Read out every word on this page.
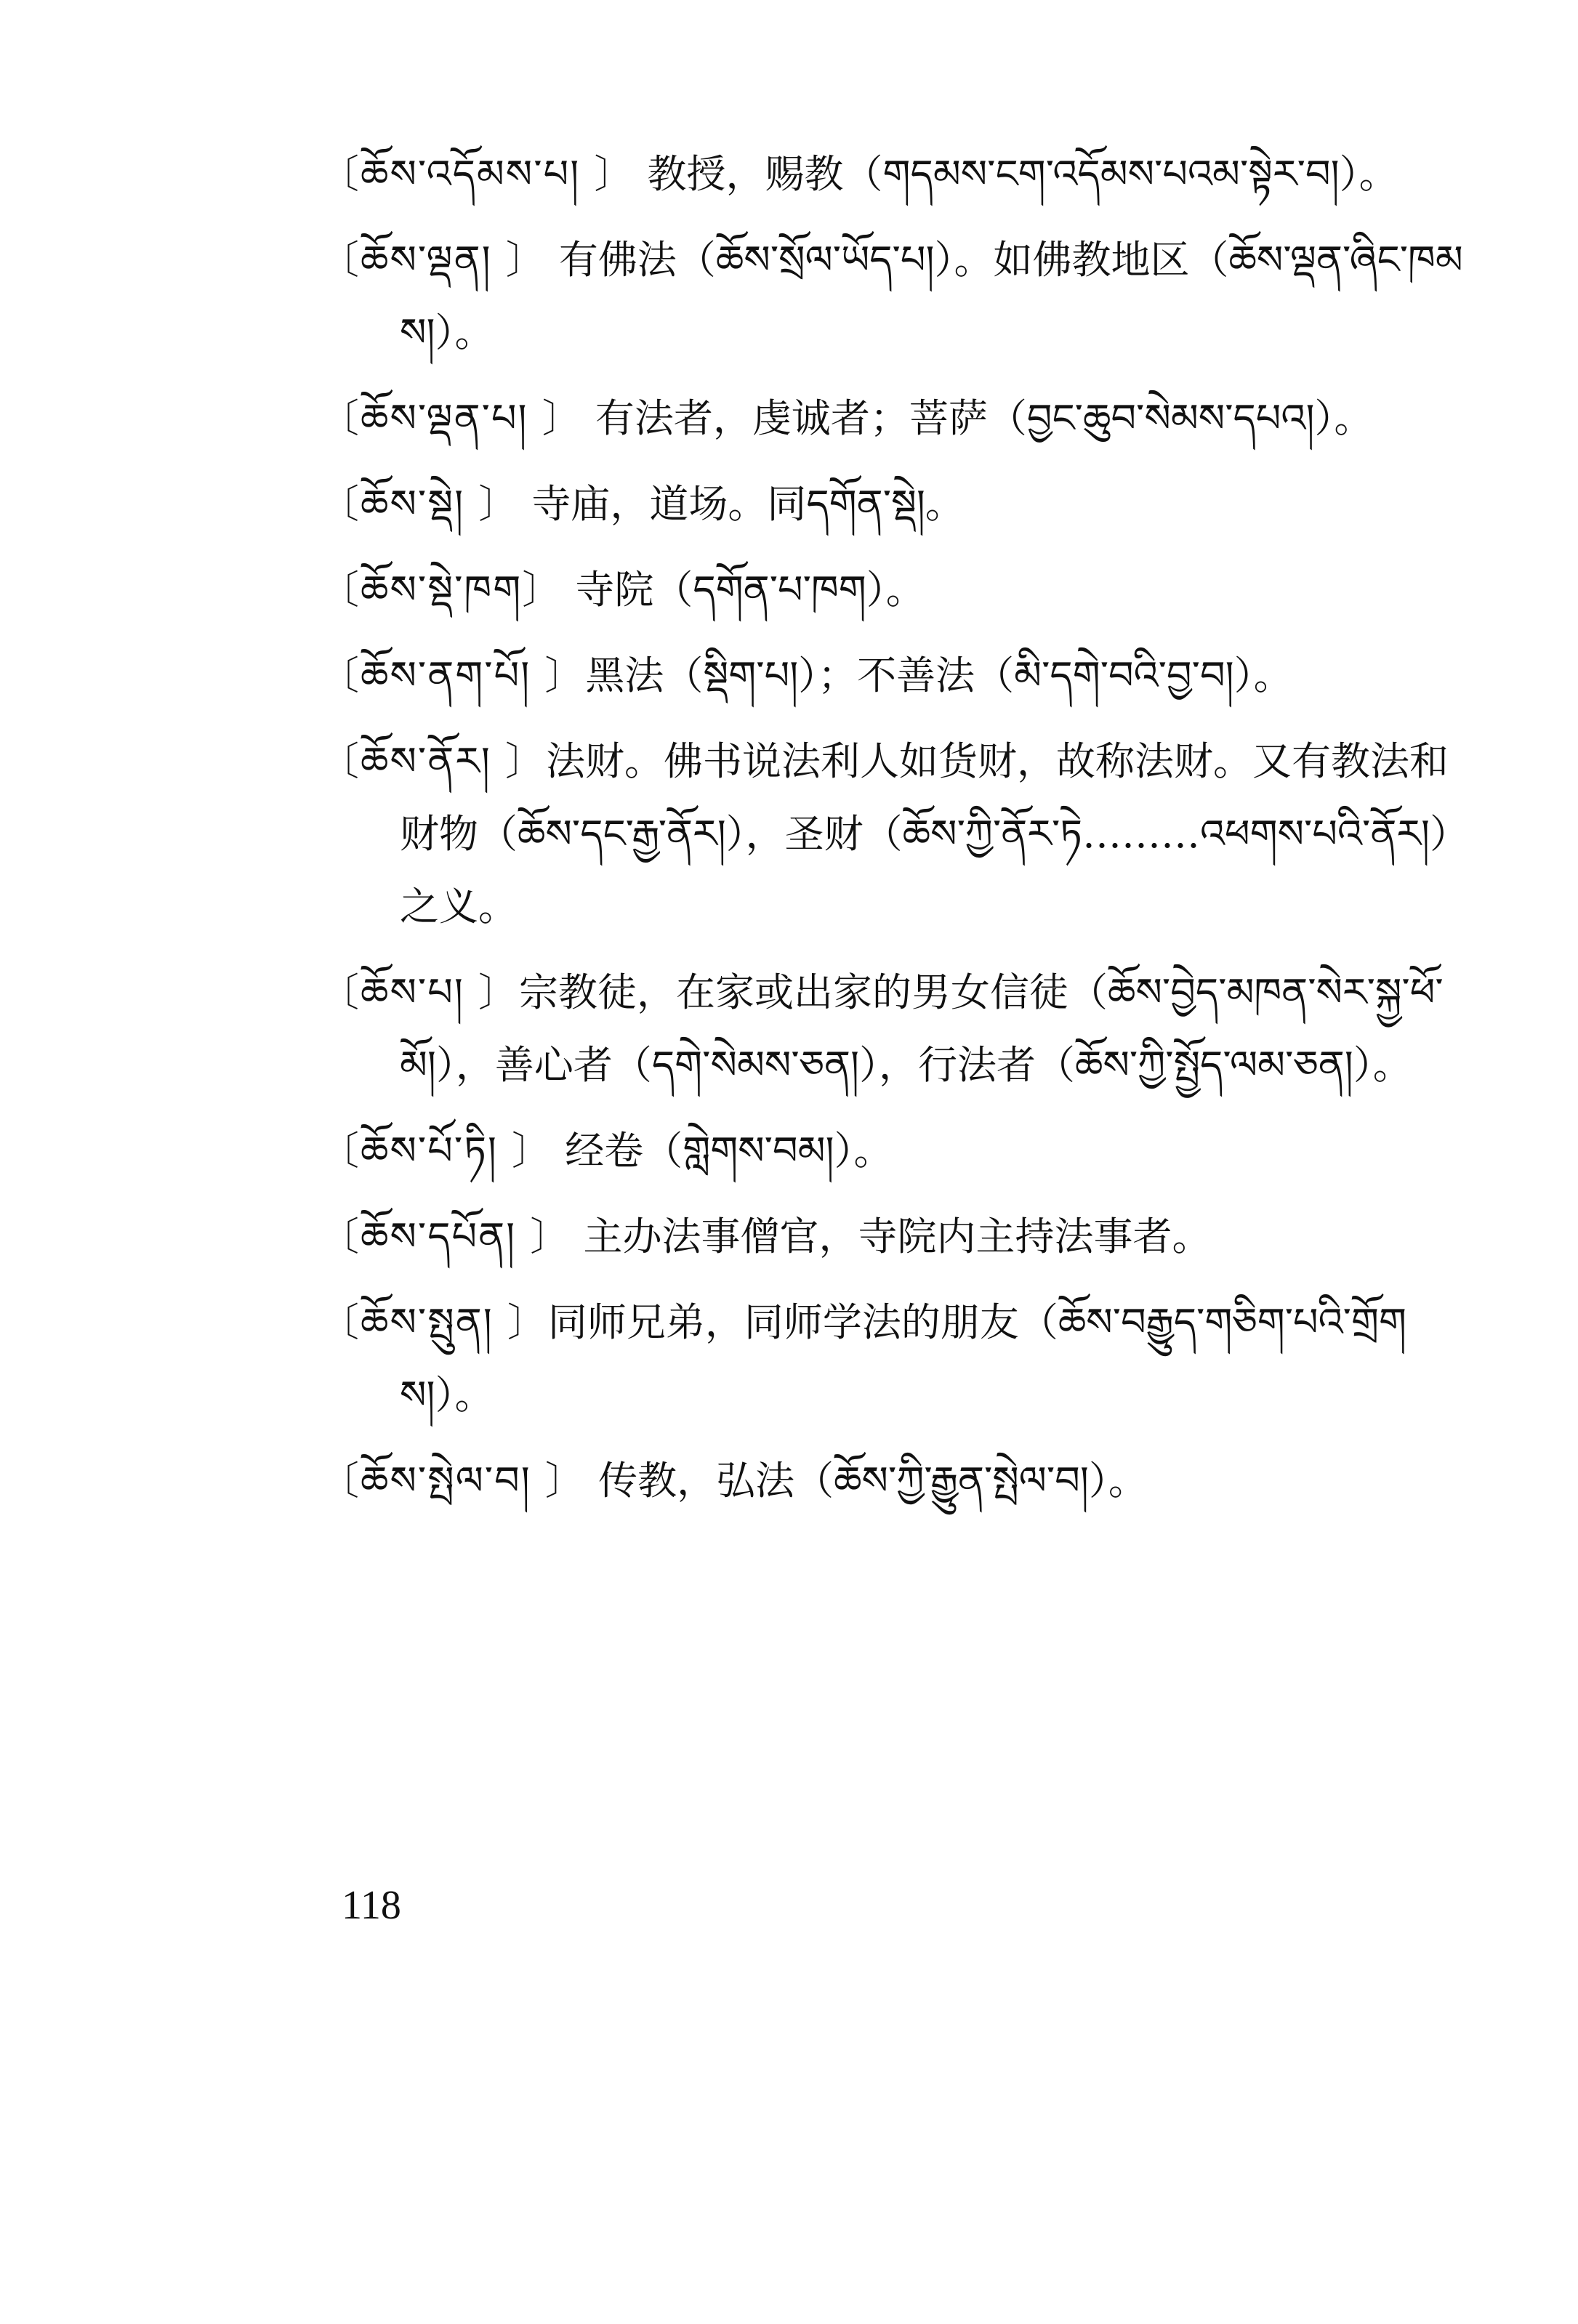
〔ཆོས་འདོམས་པ། 〕 教授，赐教（གདམས་ངག་འདོམས་པའམ་སྟེར་བ།）。
〔ཆོས་ལྡན། 〕 有佛法（ཆོས་སྲོལ་ཡོད་པ།）。如佛教地区（ཆོས་ལྡན་ཞིང་ཁམས།）。
〔ཆོས་ལྡན་པ། 〕 有法者，虔诚者；菩萨（བྱང་ཆུབ་སེམས་དཔའ།）。
〔ཆོས་སྡེ། 〕 寺庙，道场。同དགོན་སྡེ།。
〔ཆོས་སྡེ་ཁག〕 寺院（དགོན་པ་ཁག）。
〔ཆོས་ནག་པོ། 〕黑法（སྡིག་པ།）；不善法（མི་དགེ་བའི་བྱ་བ།）。
〔ཆོས་ནོར། 〕法财。佛书说法利人如货财，故称法财。又有教法和财物（ཆོས་དང་རྒྱ་ནོར།），圣财（ཆོས་ཀྱི་ནོར་ཏེ………འཕགས་པའི་ནོར།）之义。
〔ཆོས་པ། 〕宗教徒，在家或出家的男女信徒（ཆོས་བྱེད་མཁན་སེར་སྐྱ་ཕོ་མོ།），善心者（དགེ་སེམས་ཅན།），行法者（ཆོས་ཀྱི་སྤྱོད་ལམ་ཅན།）。
〔ཆོས་པོ་ཏི། 〕 经卷（གླེགས་བམ།）。
〔ཆོས་དཔོན། 〕 主办法事僧官，寺院内主持法事者。
〔ཆོས་སྤུན། 〕同师兄弟，同师学法的朋友（ཆོས་བརྒྱུད་གཅིག་པའི་གྲོགས།）。
〔ཆོས་སྤེལ་བ། 〕 传教，弘法（ཆོས་ཀྱི་རྒྱུན་སྤེལ་བ།）。
118
